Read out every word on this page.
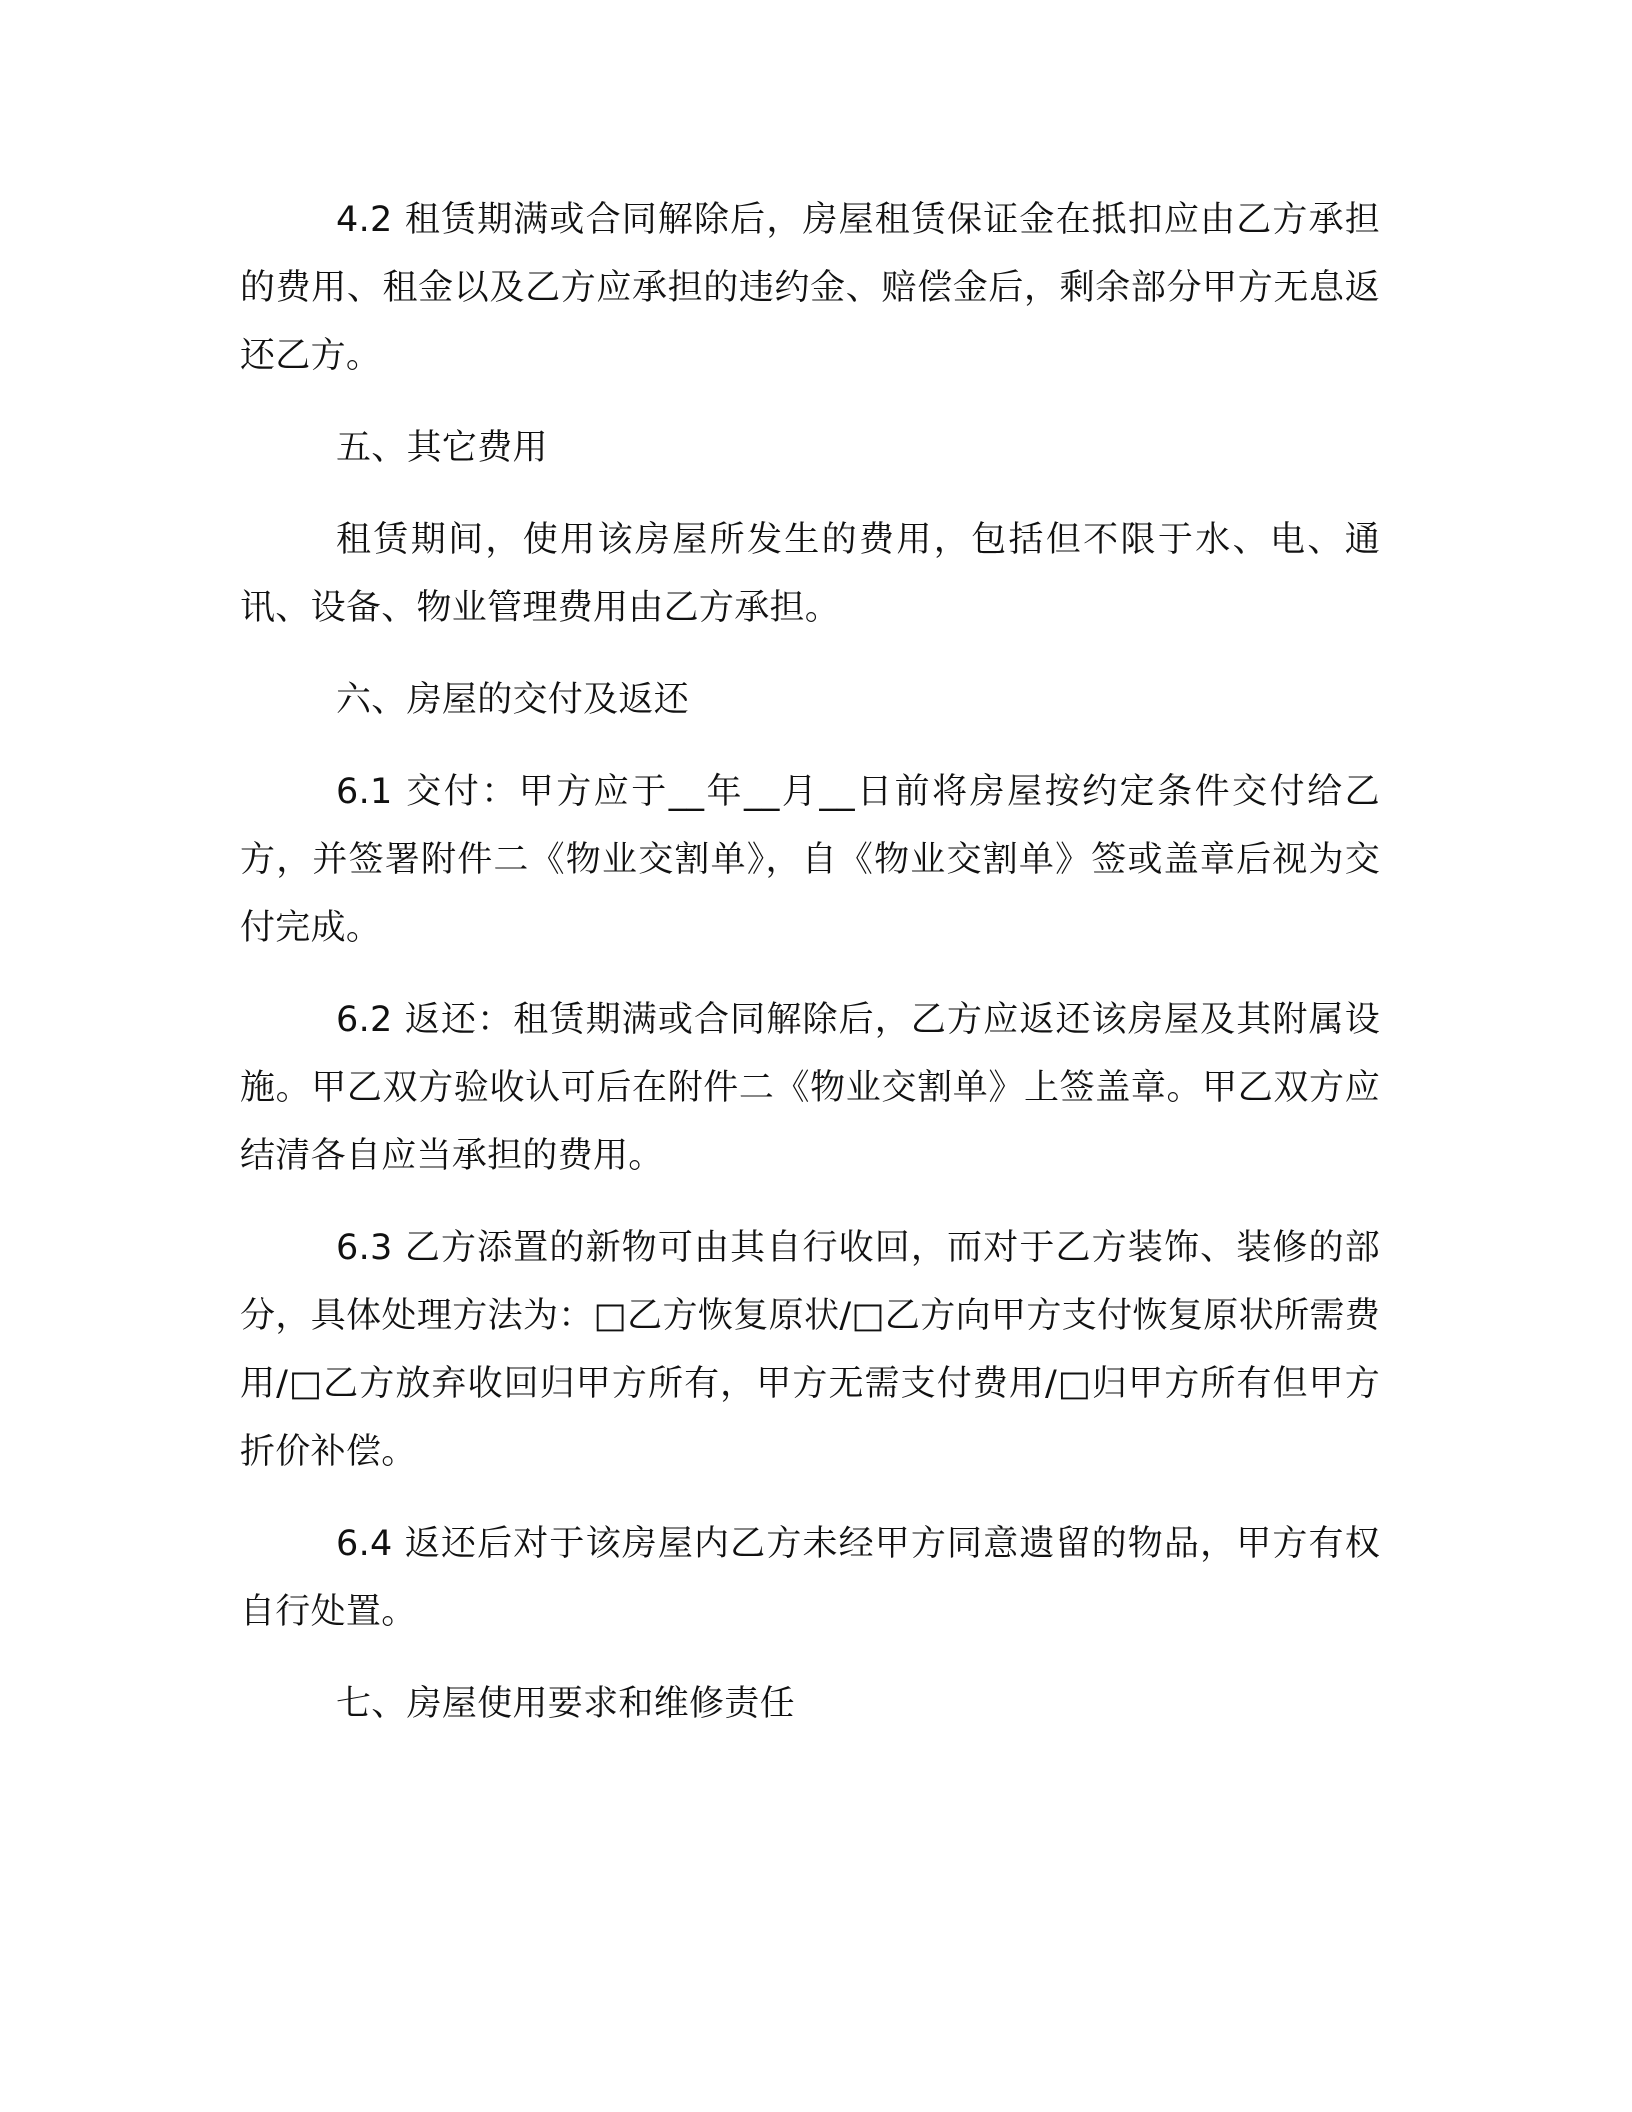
4.2 租赁期满或合同解除后，房屋租赁保证金在抵扣应由乙方承担的费用、租金以及乙方应承担的违约金、赔偿金后，剩余部分甲方无息返还乙方。

五、其它费用

租赁期间，使用该房屋所发生的费用，包括但不限于水、电、通讯、设备、物业管理费用由乙方承担。

六、房屋的交付及返还

6.1 交付：甲方应于__年__月__日前将房屋按约定条件交付给乙方，并签署附件二《物业交割单》，自《物业交割单》签或盖章后视为交付完成。

6.2 返还：租赁期满或合同解除后，乙方应返还该房屋及其附属设施。甲乙双方验收认可后在附件二《物业交割单》上签盖章。甲乙双方应结清各自应当承担的费用。

6.3 乙方添置的新物可由其自行收回，而对于乙方装饰、装修的部分，具体处理方法为：□乙方恢复原状/□乙方向甲方支付恢复原状所需费用/□乙方放弃收回归甲方所有，甲方无需支付费用/□归甲方所有但甲方折价补偿。

6.4 返还后对于该房屋内乙方未经甲方同意遗留的物品，甲方有权自行处置。

七、房屋使用要求和维修责任
